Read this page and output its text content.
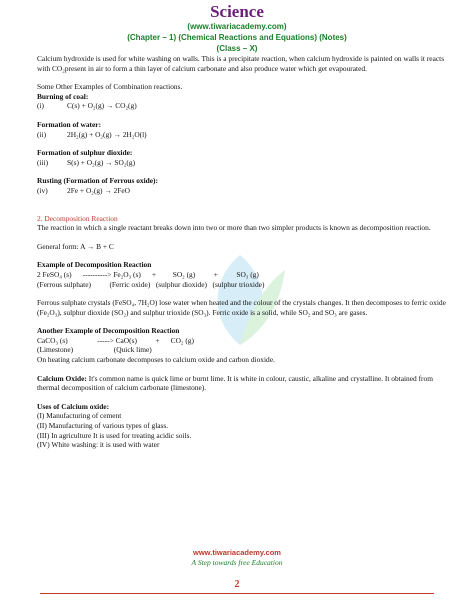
Science
(www.tiwariacademy.com)
(Chapter – 1) (Chemical Reactions and Equations) (Notes)
(Class – X)

Calcium hydroxide is used for white washing on walls. This is a precipitate reaction, when calcium hydroxide is painted on walls it reacts with CO₂present in air to form a thin layer of calcium carbonate and also produce water which get evapourated.

Some Other Examples of Combination reactions.

Burning of coal:

(i)	C(s) + O₂(g) → CO₂(g)

Formation of water:

(ii)	2H₂(g) + O₂(g) → 2H₂O(l)

Formation of sulphur dioxide:

(iii)	S(s) + O₂(g) → SO₂(g)

Rusting (Formation of Ferrous oxide):

(iv)	2Fe + O₂(g) → 2FeO

2. Decomposition Reaction

The reaction in which a single reactant breaks down into two or more than two simpler products is known as decomposition reaction.

General form: A → B + C

Example of Decomposition Reaction

2 FeSO₄ (s)      ----------> Fe₂O₃ (s)      +         SO₂ (g)          +          SO₃ (g)

(Ferrous sulphate)          (Ferric oxide)   (sulphur dioxide)   (sulphur trioxide)

Ferrous sulphate crystals (FeSO₄, 7H₂O) lose water when heated and the colour of the crystals changes. It then decomposes to ferric oxide (Fe₂O₃), sulphur dioxide (SO₂) and sulphur trioxide (SO₃). Ferric oxide is a solid, while SO₂ and SO₃ are gases.

Another Example of Decomposition Reaction

CaCO₃ (s)                -----> CaO(s)          +      CO₂ (g)

(Limestone)                      (Quick lime)

On heating calcium carbonate decomposes to calcium oxide and carbon dioxide.

Calcium Oxide: It's common name is quick lime or burnt lime. It is white in colour, caustic, alkaline and crystalline. It obtained from thermal decomposition of calcium carbonate (limestone).

Uses of Calcium oxide:

(I) Manufacturing of cement

(II) Manufacturing of various types of glass.

(III) In agriculture It is used for treating acidic soils.

(IV) White washing: it is used with water

www.tiwariacademy.com
A Step towards free Education
2
